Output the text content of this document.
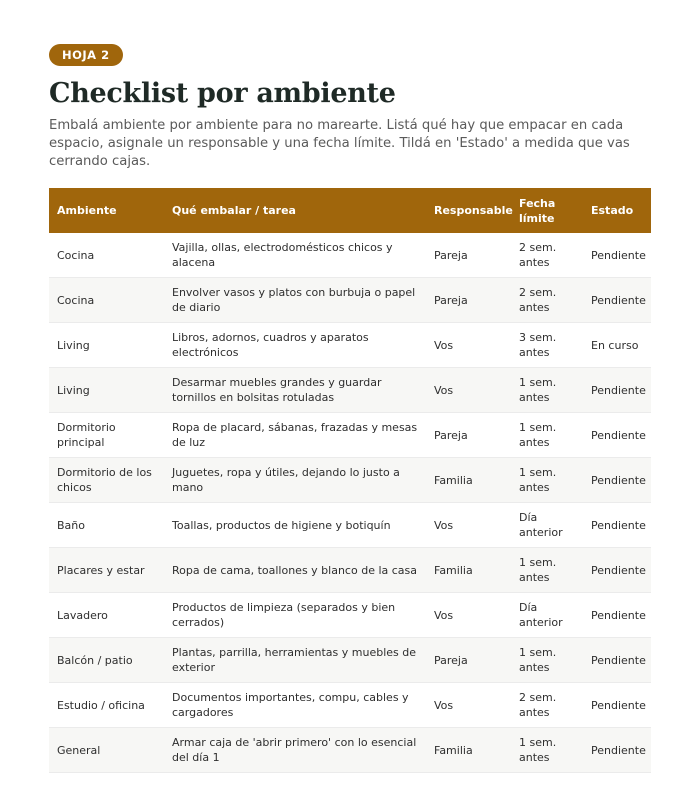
HOJA 2
Checklist por ambiente

Embalá ambiente por ambiente para no marearte. Listá qué hay que empacar en cada espacio, asignale un responsable y una fecha límite. Tildá en 'Estado' a medida que vas cerrando cajas.

Ambiente	Qué embalar / tarea	Responsable	Fecha límite	Estado
Cocina	Vajilla, ollas, electrodomésticos chicos y alacena	Pareja	2 sem. antes	Pendiente
Cocina	Envolver vasos y platos con burbuja o papel de diario	Pareja	2 sem. antes	Pendiente
Living	Libros, adornos, cuadros y aparatos electrónicos	Vos	3 sem. antes	En curso
Living	Desarmar muebles grandes y guardar tornillos en bolsitas rotuladas	Vos	1 sem. antes	Pendiente
Dormitorio principal	Ropa de placard, sábanas, frazadas y mesas de luz	Pareja	1 sem. antes	Pendiente
Dormitorio de los chicos	Juguetes, ropa y útiles, dejando lo justo a mano	Familia	1 sem. antes	Pendiente
Baño	Toallas, productos de higiene y botiquín	Vos	Día anterior	Pendiente
Placares y estar	Ropa de cama, toallones y blanco de la casa	Familia	1 sem. antes	Pendiente
Lavadero	Productos de limpieza (separados y bien cerrados)	Vos	Día anterior	Pendiente
Balcón / patio	Plantas, parrilla, herramientas y muebles de exterior	Pareja	1 sem. antes	Pendiente
Estudio / oficina	Documentos importantes, compu, cables y cargadores	Vos	2 sem. antes	Pendiente
General	Armar caja de 'abrir primero' con lo esencial del día 1	Familia	1 sem. antes	Pendiente
